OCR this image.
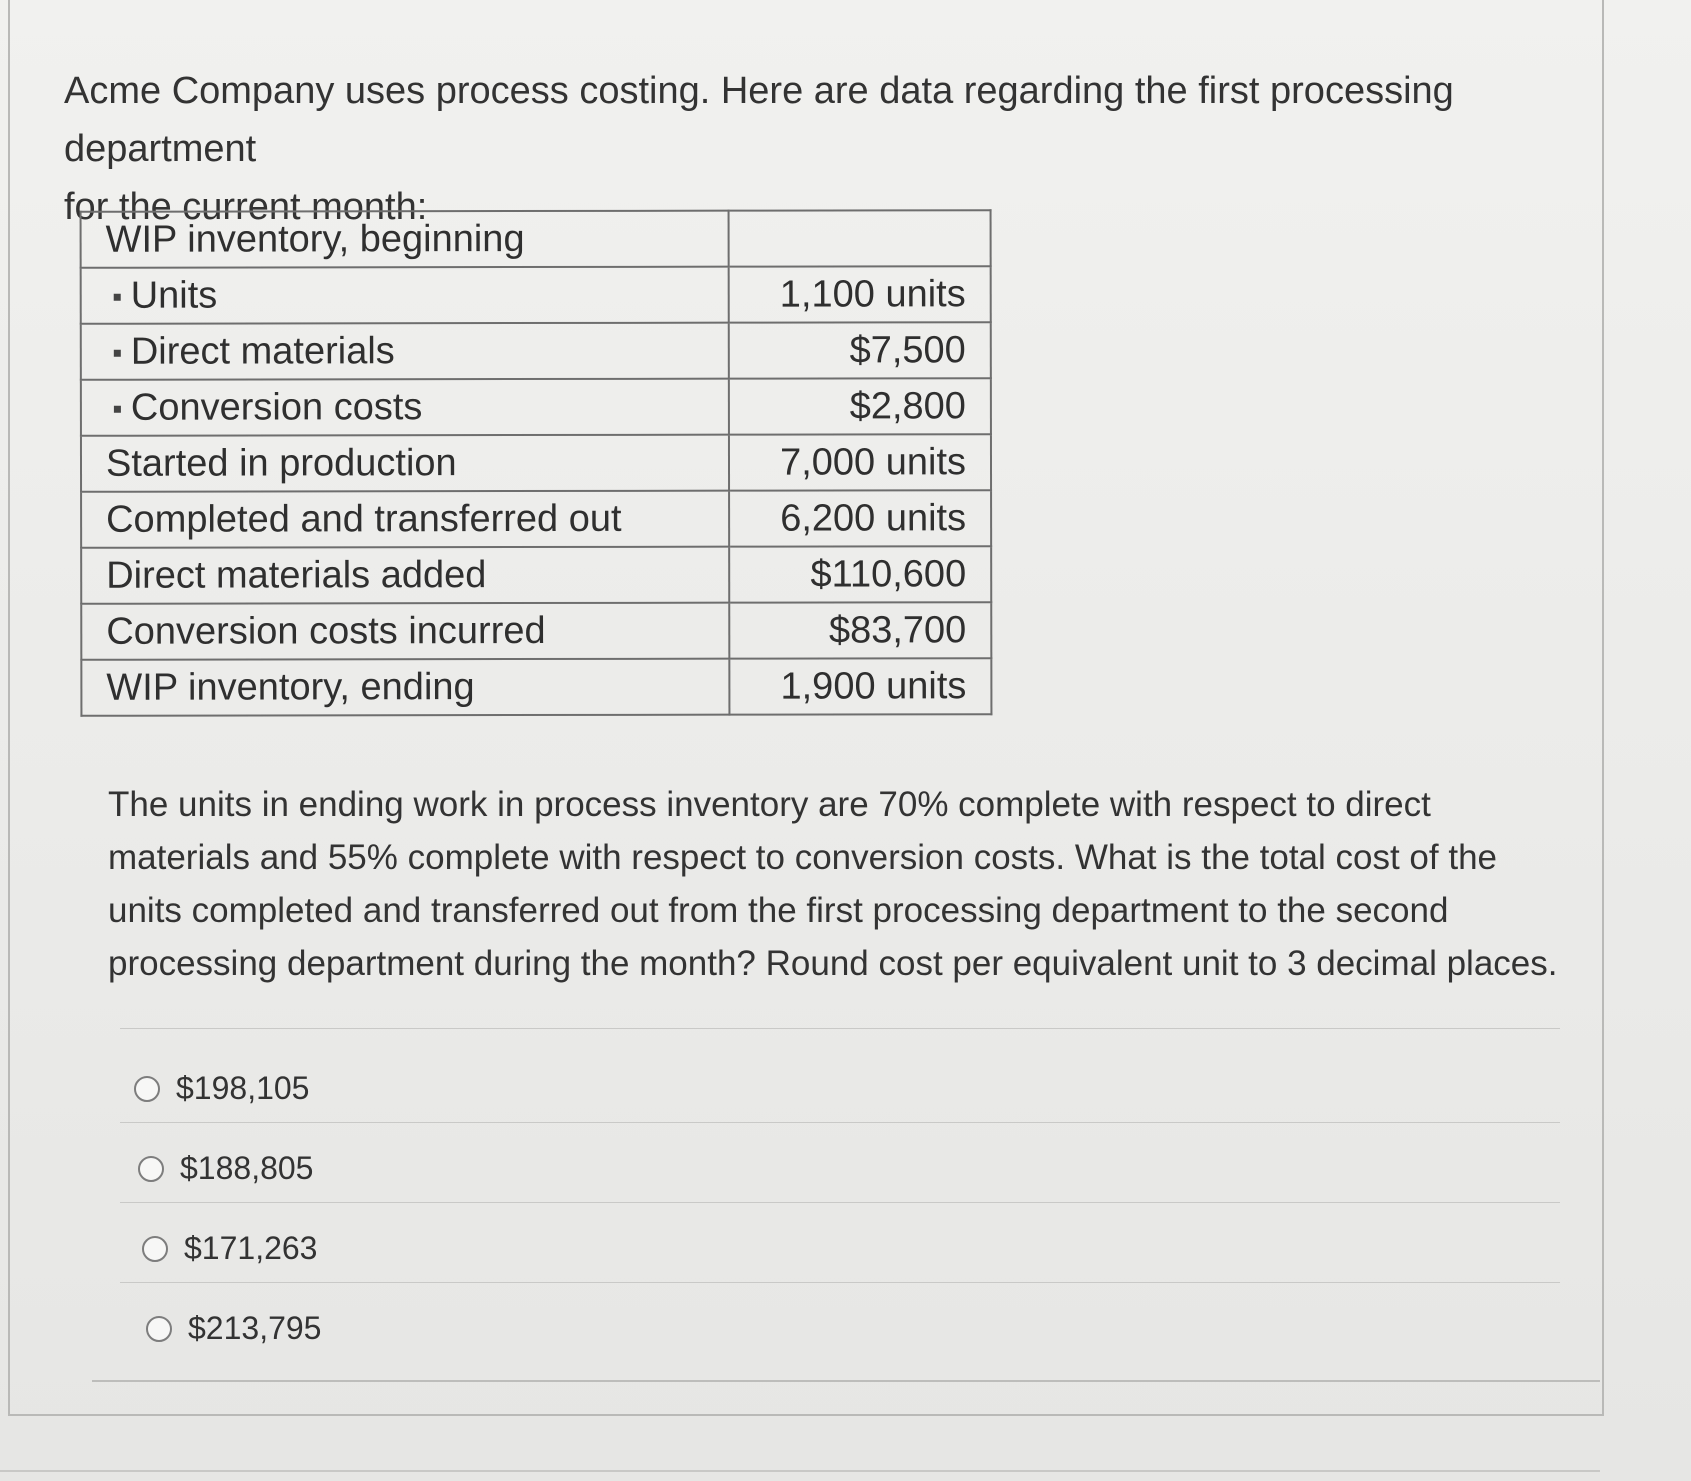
Acme Company uses process costing. Here are data regarding the first processing department
for the current month:

WIP inventory, beginning	
Units	1,100 units
Direct materials	$7,500
Conversion costs	$2,800
Started in production	7,000 units
Completed and transferred out	6,200 units
Direct materials added	$110,600
Conversion costs incurred	$83,700
WIP inventory, ending	1,900 units

The units in ending work in process inventory are 70% complete with respect to direct
materials and 55% complete with respect to conversion costs. What is the total cost of the
units completed and transferred out from the first processing department to the second
processing department during the month? Round cost per equivalent unit to 3 decimal places.

$198,105
$188,805
$171,263
$213,795
